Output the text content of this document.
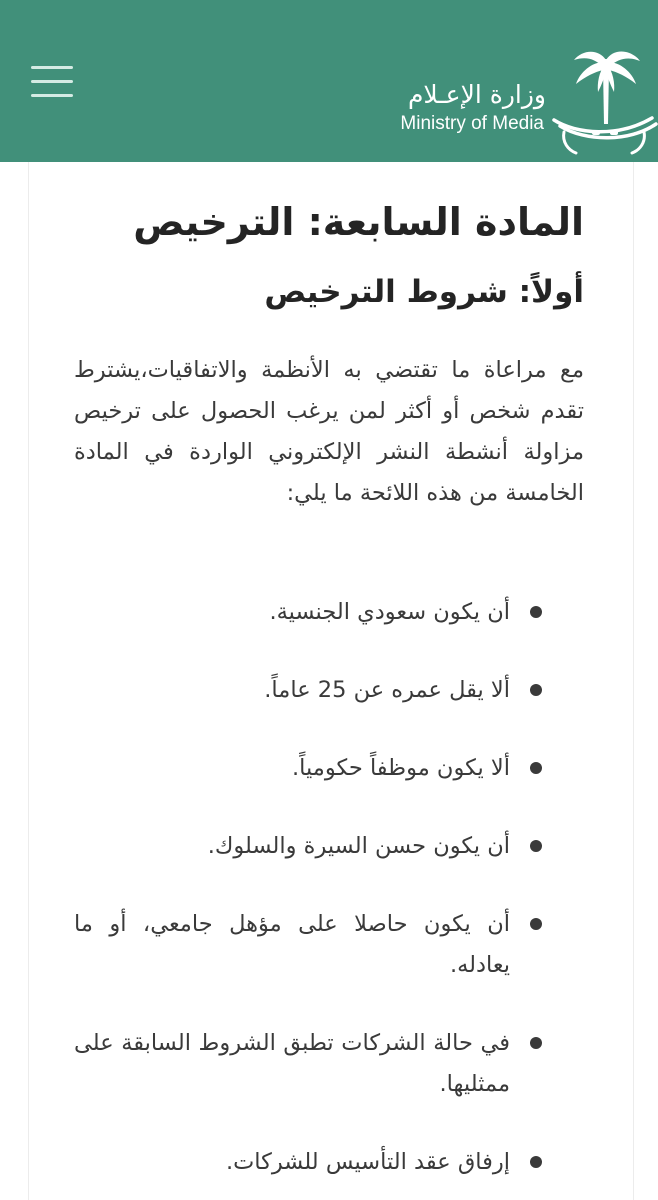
وزارة الإعـلام
Ministry of Media
المادة السابعة: الترخيص
أولاً: شروط الترخيص

مع مراعاة ما تقتضي به الأنظمة والاتفاقيات،يشترط تقدم شخص أو أكثر لمن يرغب الحصول على ترخيص مزاولة أنشطة النشر الإلكتروني الواردة في المادة الخامسة من هذه اللائحة ما يلي:

أن يكون سعودي الجنسية.
ألا يقل عمره عن 25 عاماً.
ألا يكون موظفاً حكومياً.
أن يكون حسن السيرة والسلوك.
أن يكون حاصلا على مؤهل جامعي، أو ما يعادله.
في حالة الشركات تطبق الشروط السابقة على ممثليها.
إرفاق عقد التأسيس للشركات.
